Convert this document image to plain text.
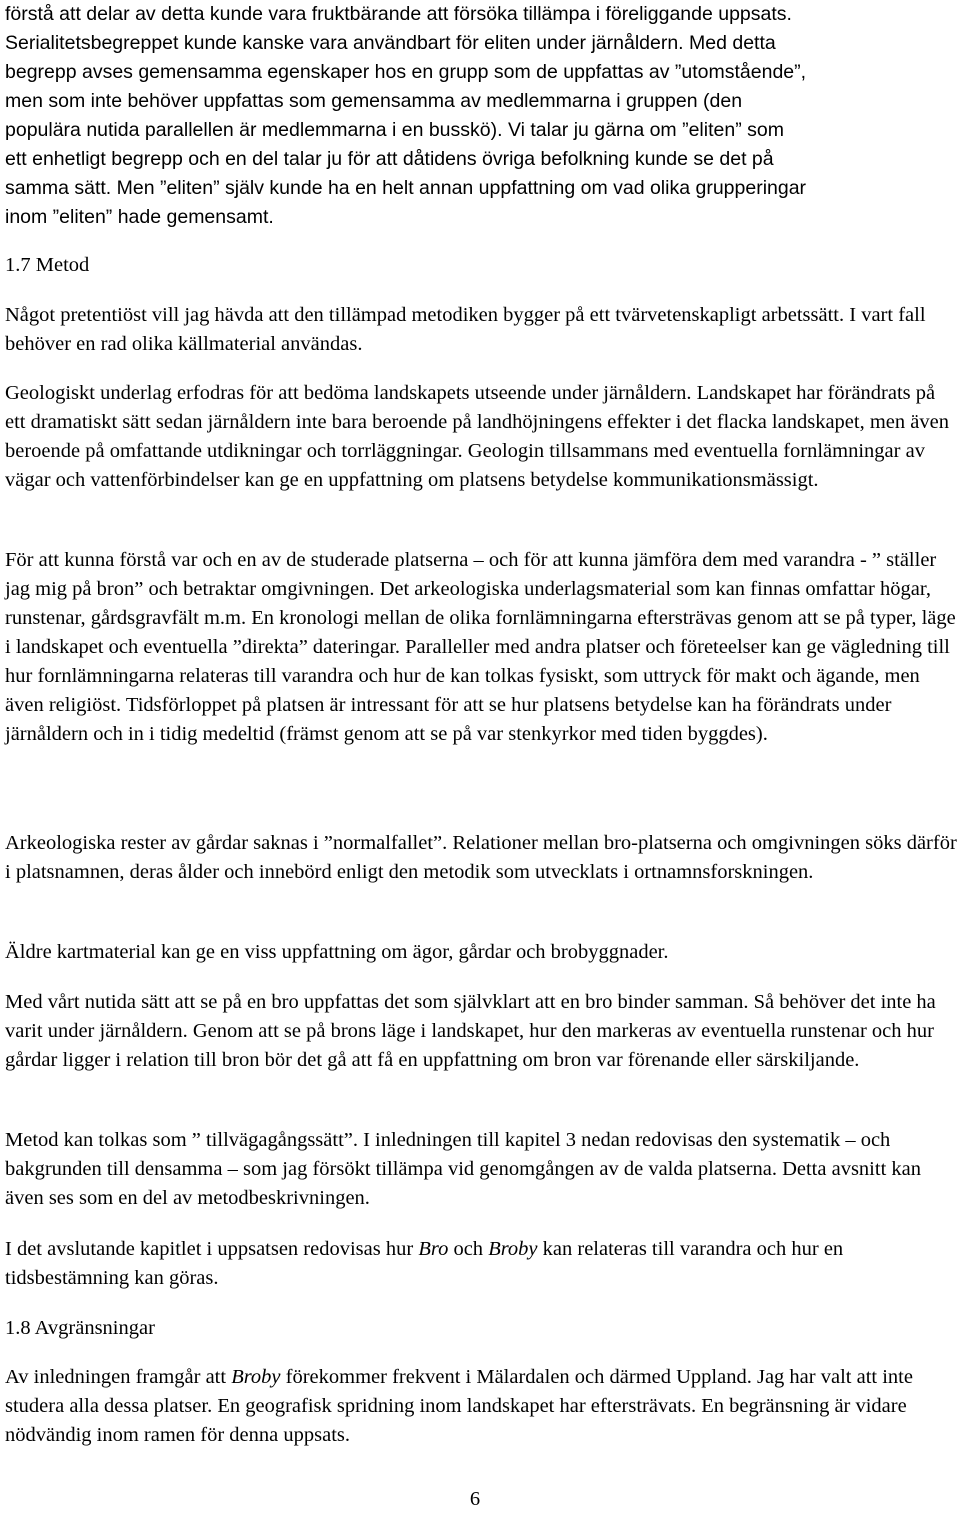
förstå att delar av detta kunde vara fruktbärande att försöka tillämpa i föreliggande uppsats.
Serialitetsbegreppet kunde kanske vara användbart för eliten under järnåldern. Med detta
begrepp avses gemensamma egenskaper hos en grupp som de uppfattas av ”utomstående”,
men som inte behöver uppfattas som gemensamma av medlemmarna i gruppen (den
populära nutida parallellen är medlemmarna i en busskö). Vi talar ju gärna om ”eliten” som
ett enhetligt begrepp och en del talar ju för att dåtidens övriga befolkning kunde se det på
samma sätt. Men ”eliten” själv kunde ha en helt annan uppfattning om vad olika grupperingar
inom ”eliten” hade gemensamt.
1.7 Metod

Något pretentiöst vill jag hävda att den tillämpad metodiken bygger på ett tvärvetenskapligt arbetssätt. I vart fall behöver en rad olika källmaterial användas.

Geologiskt underlag erfodras för att bedöma landskapets utseende under järnåldern. Landskapet har förändrats på ett dramatiskt sätt sedan järnåldern inte bara beroende på landhöjningens effekter i det flacka landskapet, men även beroende på omfattande utdikningar och torrläggningar. Geologin tillsammans med eventuella fornlämningar av vägar och vattenförbindelser kan ge en uppfattning om platsens betydelse kommunikationsmässigt.

För att kunna förstå var och en av de studerade platserna – och för att kunna jämföra dem med varandra - ” ställer jag mig på bron” och betraktar omgivningen. Det arkeologiska underlagsmaterial som kan finnas omfattar högar, runstenar, gårdsgravfält m.m. En kronologi mellan de olika fornlämningarna eftersträvas genom att se på typer, läge i landskapet och eventuella ”direkta” dateringar. Paralleller med andra platser och företeelser kan ge vägledning till hur fornlämningarna relateras till varandra och hur de kan tolkas fysiskt, som uttryck för makt och ägande, men även religiöst. Tidsförloppet på platsen är intressant för att se hur platsens betydelse kan ha förändrats under järnåldern och in i tidig medeltid (främst genom att se på var stenkyrkor med tiden byggdes).

Arkeologiska rester av gårdar saknas i ”normalfallet”. Relationer mellan bro-platserna och omgivningen söks därför i platsnamnen, deras ålder och innebörd enligt den metodik som utvecklats i ortnamnsforskningen.

Äldre kartmaterial kan ge en viss uppfattning om ägor, gårdar och brobyggnader.

Med vårt nutida sätt att se på en bro uppfattas det som självklart att en bro binder samman. Så behöver det inte ha varit under järnåldern. Genom att se på brons läge i landskapet, hur den markeras av eventuella runstenar och hur gårdar ligger i relation till bron bör det gå att få en uppfattning om bron var förenande eller särskiljande.

Metod kan tolkas som ” tillvägagångssätt”. I inledningen till kapitel 3 nedan redovisas den systematik – och bakgrunden till densamma – som jag försökt tillämpa vid genomgången av de valda platserna. Detta avsnitt kan även ses som en del av metodbeskrivningen.

I det avslutande kapitlet i uppsatsen redovisas hur Bro och Broby kan relateras till varandra och hur en tidsbestämning kan göras.

1.8 Avgränsningar

Av inledningen framgår att Broby förekommer frekvent i Mälardalen och därmed Uppland. Jag har valt att inte studera alla dessa platser. En geografisk spridning inom landskapet har eftersträvats. En begränsning är vidare nödvändig inom ramen för denna uppsats.

6
